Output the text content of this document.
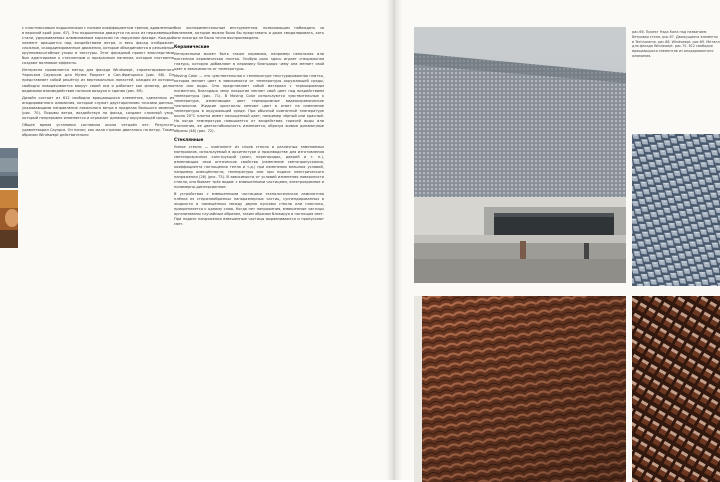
с пластмассовым подшипником с низким коэффициентом трения, вдавленным в верхний край (рис. 67). Эти подшипники движутся на осях из нержавеющей стали, удерживаемых алюминиевым каркасом на наружном фасаде. Каждый элемент вращается под воздействием ветра, и весь фасад отображает сложные, скоординированные движения, которые объединяются в рельефные крупномасштабные узоры и текстуры. Этот фасадный проект впоследствии был адаптирован к стеклянным и прозрачным панелям, которые постоянно создают волновые эффекты.

Интересно проявляется метод для фасада Windswept, спроектированного Чарльзом Сауэрсом для Музея Рокрест в Сан-Франциско (рис. 68). Он представляет собой решётку из вертикальных лопастей, каждая из которых свободно поворачивается вокруг своей оси и работает как флюгер, делая видимыми взаимодействие потоков воздуха и здания (рис. 69).

Дизайн состоит из 612 свободно вращающихся элементов, сделанных из анодированного алюминия, которые служат двусторонними точками данных, указывающими направление локального ветра в пределах большого явления (рис. 70). Порывы ветра, воздействуя на фасад, создают сложный узор, который непрерывно изменяется и отражает динамику окружающей среды.

Общее время установки составило около четырёх лет. Результат удовлетворил Сауэрса. Он понял, как мало стрелок двигалось на ветру. Таким образом Windswept действительно

был экспериментальным инструментом, позволяющим наблюдать за явлением, которое можно было бы представить и даже смоделировать, хоть оно никогда не было точно воспроизведено.

Керамические

Интересными может быть также керамика, например напольная или настенная керамическая плитка. Особую роль здесь играет специальная глазурь, которую добавляют в керамику благодаря чему она меняет свой цвет в зависимости от температуры.

Moving Color — это чувствительная к температуре текстурированная плитка, которая меняет цвет в зависимости от температуры окружающей среды, тела или воды. Она представляет собой материал с термохромным пигментом, благодаря чему покрытие меняет свой цвет под воздействием температуры (рис. 71). В Moving Color используются чувствительные к температуре, изменяющие цвет термохромные видеокерамические технологии. Жидкие кристаллы меняют цвет в ответ на изменение температуры в окружающей среде. При обычной комнатной температуре около 20°C плитка имеет насыщенный цвет, например чёрный или красный. Но когда температура повышается от воздействия горячей воды или отопления, ее цветостабильность изменяется, образуя живые динамичные образы (48) (рис. 72).

Стеклянные

Умное стекло — компонент из слоев стекла и различных заменяемых материалов, используемый в архитектуре и производстве для изготовления светопрозрачных конструкций (окон, перегородок, дверей и т. п.), изменяющих свои оптические свойства (изменение светопропускания, коэффициента поглощения тепла и т.д.) при изменении внешних условий, например освещённости, температуры или при подаче электрического напряжения (26) (рис. 73). В зависимости от условий изменения поверхности стекла, оно бывает трёх видов: с взвешенными частицами, электрохромное и полимерно-дисперсионное.

В устройствах с взвешенными частицами технологическая ламинатная плёнка из стержнеобразных наноразмерных частиц, суспендированных в жидкости и помещённых между двумя кусками стекла или пластика, прикрепляется к одному слою. Когда нет напряжения, взвешенные частицы организованы случайным образом, таким образом блокируя и поглощая свет. При подаче напряжения взвешенные частицы выравниваются и пропускают свет.

рис.66. Проект Нэда Кана под названием Ветровая стена. рис.67. Движущиеся элементы в Technorama. рис.68. Windswept. рис.69. Металл для фасада Windswept. рис.70. 612 свободно вращающихся элементов из анодированного алюминия.
